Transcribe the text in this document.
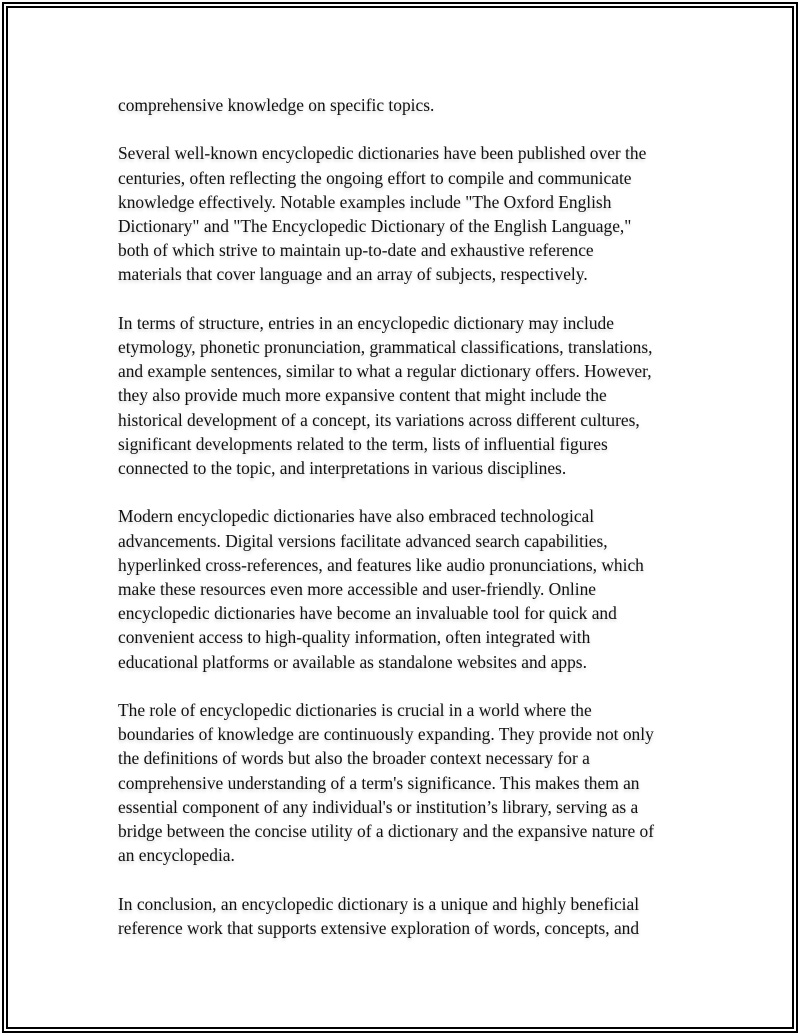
comprehensive knowledge on specific topics.

Several well-known encyclopedic dictionaries have been published over the
centuries, often reflecting the ongoing effort to compile and communicate
knowledge effectively. Notable examples include "The Oxford English
Dictionary" and "The Encyclopedic Dictionary of the English Language,"
both of which strive to maintain up-to-date and exhaustive reference
materials that cover language and an array of subjects, respectively.

In terms of structure, entries in an encyclopedic dictionary may include
etymology, phonetic pronunciation, grammatical classifications, translations,
and example sentences, similar to what a regular dictionary offers. However,
they also provide much more expansive content that might include the
historical development of a concept, its variations across different cultures,
significant developments related to the term, lists of influential figures
connected to the topic, and interpretations in various disciplines.

Modern encyclopedic dictionaries have also embraced technological
advancements. Digital versions facilitate advanced search capabilities,
hyperlinked cross-references, and features like audio pronunciations, which
make these resources even more accessible and user-friendly. Online
encyclopedic dictionaries have become an invaluable tool for quick and
convenient access to high-quality information, often integrated with
educational platforms or available as standalone websites and apps.

The role of encyclopedic dictionaries is crucial in a world where the
boundaries of knowledge are continuously expanding. They provide not only
the definitions of words but also the broader context necessary for a
comprehensive understanding of a term's significance. This makes them an
essential component of any individual's or institution’s library, serving as a
bridge between the concise utility of a dictionary and the expansive nature of
an encyclopedia.

In conclusion, an encyclopedic dictionary is a unique and highly beneficial
reference work that supports extensive exploration of words, concepts, and
